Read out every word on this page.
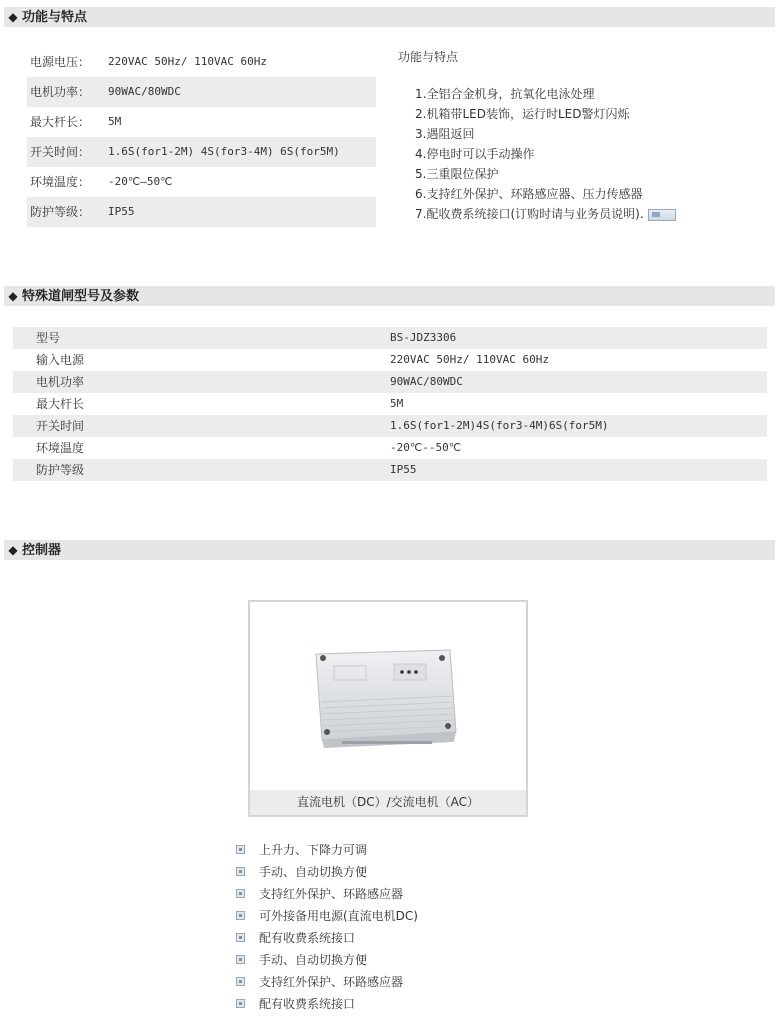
◆ 功能与特点
电源电压： 220VAC 50Hz/ 110VAC 60Hz
电机功率： 90WAC/80WDC
最大杆长： 5M
开关时间： 1.6S(for1-2M) 4S(for3-4M) 6S(for5M)
环境温度： -20℃—50℃
防护等级： IP55
功能与特点
1.全铝合金机身，抗氧化电泳处理
2.机箱带LED装饰，运行时LED警灯闪烁
3.遇阻返回
4.停电时可以手动操作
5.三重限位保护
6.支持红外保护、环路感应器、压力传感器
7.配收费系统接口(订购时请与业务员说明).
◆ 特殊道闸型号及参数
型号	BS-JDZ3306
输入电源	220VAC 50Hz/ 110VAC 60Hz
电机功率	90WAC/80WDC
最大杆长	5M
开关时间	1.6S(for1-2M)4S(for3-4M)6S(for5M)
环境温度	-20℃--50℃
防护等级	IP55
◆ 控制器
直流电机（DC）/交流电机（AC）
上升力、下降力可调
手动、自动切换方便
支持红外保护、环路感应器
可外接备用电源(直流电机DC)
配有收费系统接口
手动、自动切换方便
支持红外保护、环路感应器
配有收费系统接口
